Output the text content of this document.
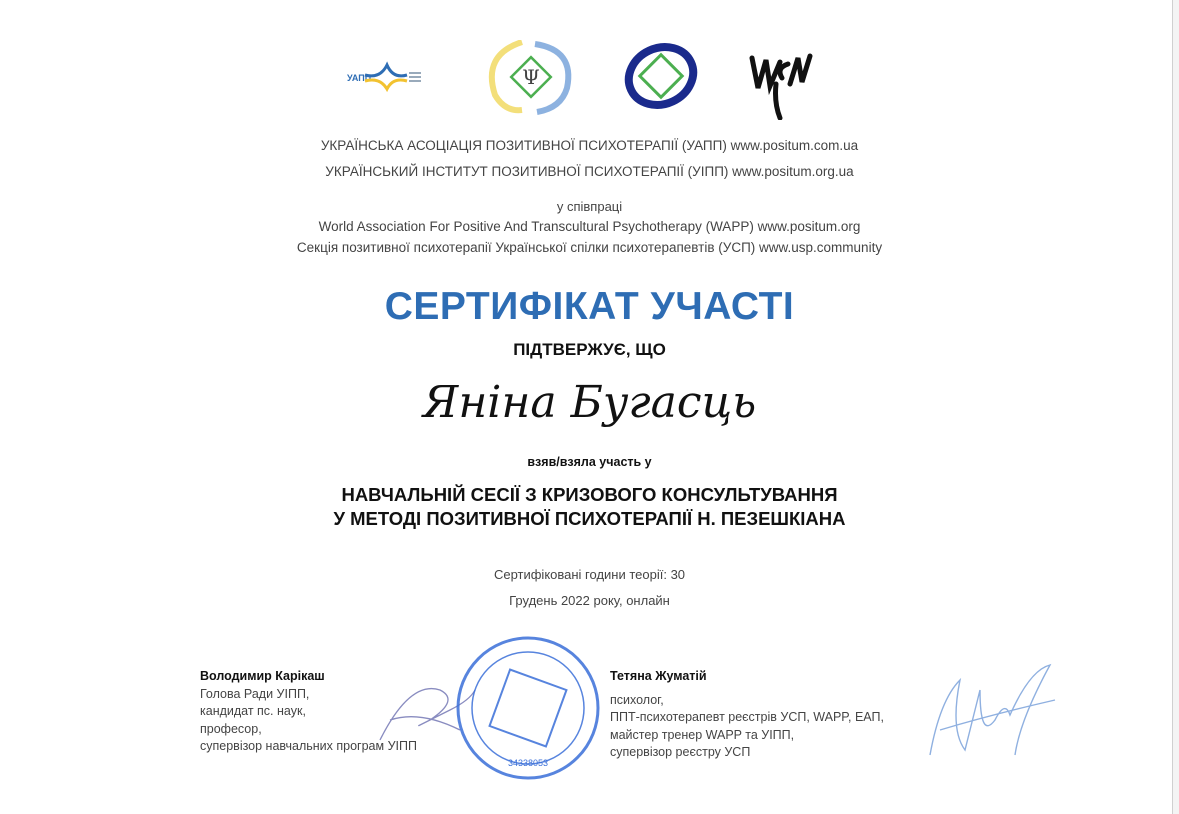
УАПП	Ψ
УКРАЇНСЬКА АСОЦІАЦІЯ ПОЗИТИВНОЇ ПСИХОТЕРАПІЇ (УАПП) www.positum.com.ua
УКРАЇНСЬКИЙ ІНСТИТУТ ПОЗИТИВНОЇ ПСИХОТЕРАПІЇ (УІПП) www.positum.org.ua
у співпраці
World Association For Positive And Transcultural Psychotherapy (WAPP) www.positum.org
Секція позитивної психотерапії Української спілки психотерапевтів (УСП) www.usp.community
СЕРТИФІКАТ УЧАСТІ
ПІДТВЕРЖУЄ, ЩО
Яніна Бугасць
взяв/взяла участь у
НАВЧАЛЬНІЙ СЕСІЇ З КРИЗОВОГО КОНСУЛЬТУВАННЯ
У МЕТОДІ ПОЗИТИВНОЇ ПСИХОТЕРАПІЇ Н. ПЕЗЕШКІАНА
Сертифіковані години теорії: 30
Грудень 2022 року, онлайн
Володимир Карікаш
Голова Ради УІПП,
кандидат пс. наук,
професор,
супервізор навчальних програм УІПП
34338053
Тетяна Жуматій
психолог,
ППТ-психотерапевт реєстрів УСП, WAPP, ЕАП,
майстер тренер WAPP та УІПП,
супервізор реєстру УСП
